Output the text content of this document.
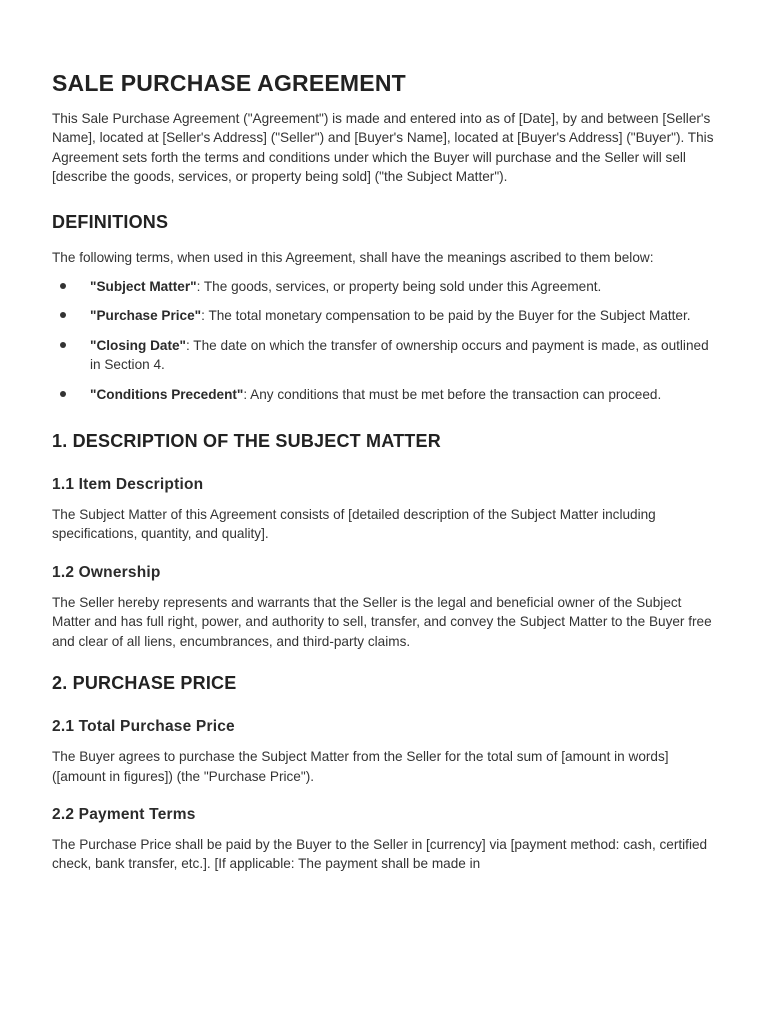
SALE PURCHASE AGREEMENT

This Sale Purchase Agreement ("Agreement") is made and entered into as of [Date], by and between [Seller's Name], located at [Seller's Address] ("Seller") and [Buyer's Name], located at [Buyer's Address] ("Buyer"). This Agreement sets forth the terms and conditions under which the Buyer will purchase and the Seller will sell [describe the goods, services, or property being sold] ("the Subject Matter").

DEFINITIONS

The following terms, when used in this Agreement, shall have the meanings ascribed to them below:

"Subject Matter": The goods, services, or property being sold under this Agreement.
"Purchase Price": The total monetary compensation to be paid by the Buyer for the Subject Matter.
"Closing Date": The date on which the transfer of ownership occurs and payment is made, as outlined in Section 4.
"Conditions Precedent": Any conditions that must be met before the transaction can proceed.
1. DESCRIPTION OF THE SUBJECT MATTER
1.1 Item Description

The Subject Matter of this Agreement consists of [detailed description of the Subject Matter including specifications, quantity, and quality].

1.2 Ownership

The Seller hereby represents and warrants that the Seller is the legal and beneficial owner of the Subject Matter and has full right, power, and authority to sell, transfer, and convey the Subject Matter to the Buyer free and clear of all liens, encumbrances, and third-party claims.

2. PURCHASE PRICE
2.1 Total Purchase Price

The Buyer agrees to purchase the Subject Matter from the Seller for the total sum of [amount in words] ([amount in figures]) (the "Purchase Price").

2.2 Payment Terms

The Purchase Price shall be paid by the Buyer to the Seller in [currency] via [payment method: cash, certified check, bank transfer, etc.]. [If applicable: The payment shall be made in
